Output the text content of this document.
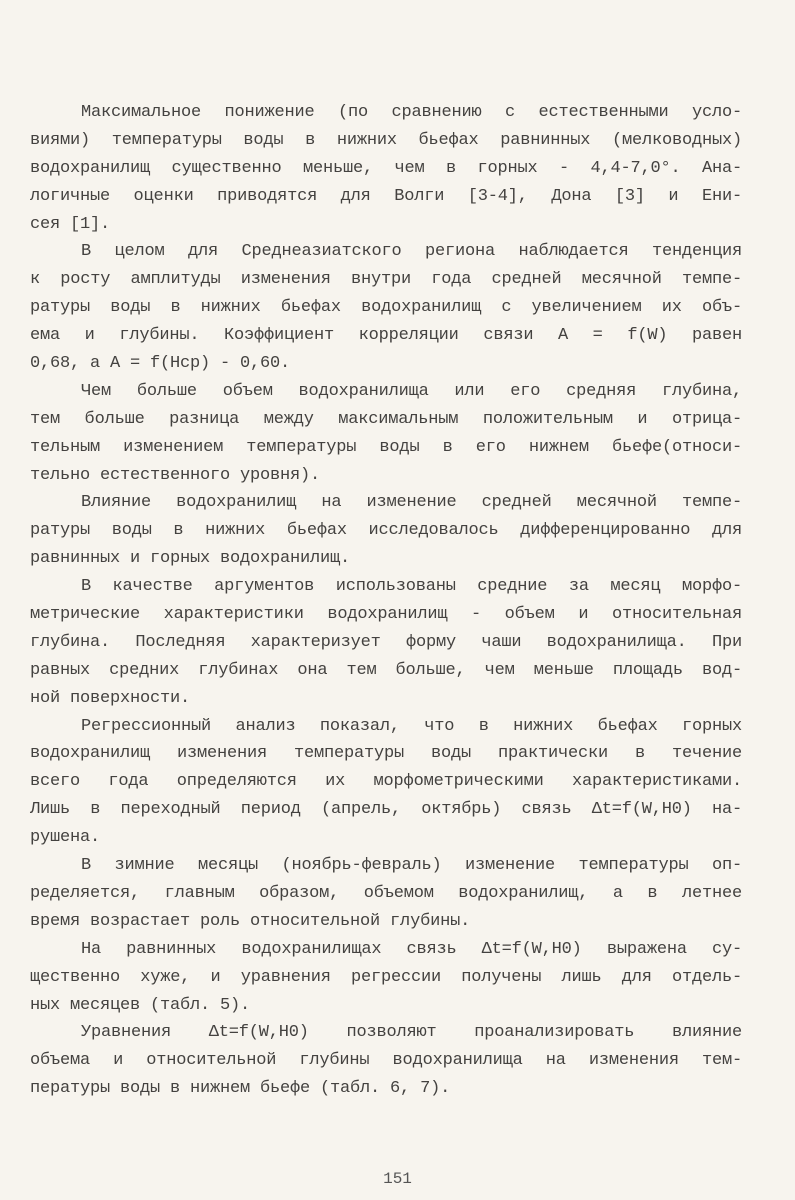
Максимальное понижение (по сравнению с естественными усло-
виями) температуры воды в нижних бьефах равнинных (мелководных)
водохранилищ существенно меньше, чем в горных - 4,4-7,0°. Ана-
логичные оценки приводятся для Волги [3-4], Дона [3] и Ени-
сея [1].
В целом для Среднеазиатского региона наблюдается тенденция
к росту амплитуды изменения внутри года средней месячной темпе-
ратуры воды в нижних бьефах водохранилищ с увеличением их объ-
ема и глубины. Коэффициент корреляции связи A = f(W) равен
0,68, а A = f(Hcp) - 0,60.
Чем больше объем водохранилища или его средняя глубина,
тем больше разница между максимальным положительным и отрица-
тельным изменением температуры воды в его нижнем бьефе(относи-
тельно естественного уровня).
Влияние водохранилищ на изменение средней месячной темпе-
ратуры воды в нижних бьефах исследовалось дифференцированно для
равнинных и горных водохранилищ.
В качестве аргументов использованы средние за месяц морфо-
метрические характеристики водохранилищ - объем и относительная
глубина. Последняя характеризует форму чаши водохранилища. При
равных средних глубинах она тем больше, чем меньше площадь вод-
ной поверхности.
Регрессионный анализ показал, что в нижних бьефах горных
водохранилищ изменения температуры воды практически в течение
всего года определяются их морфометрическими характеристиками.
Лишь в переходный период (апрель, октябрь) связь Δt=f(W,H0) на-
рушена.
В зимние месяцы (ноябрь-февраль) изменение температуры оп-
ределяется, главным образом, объемом водохранилищ, а в летнее
время возрастает роль относительной глубины.
На равнинных водохранилищах связь Δt=f(W,H0) выражена су-
щественно хуже, и уравнения регрессии получены лишь для отдель-
ных месяцев (табл. 5).
Уравнения Δt=f(W,H0) позволяют проанализировать влияние
объема и относительной глубины водохранилища на изменения тем-
пературы воды в нижнем бьефе (табл. 6, 7).
151
